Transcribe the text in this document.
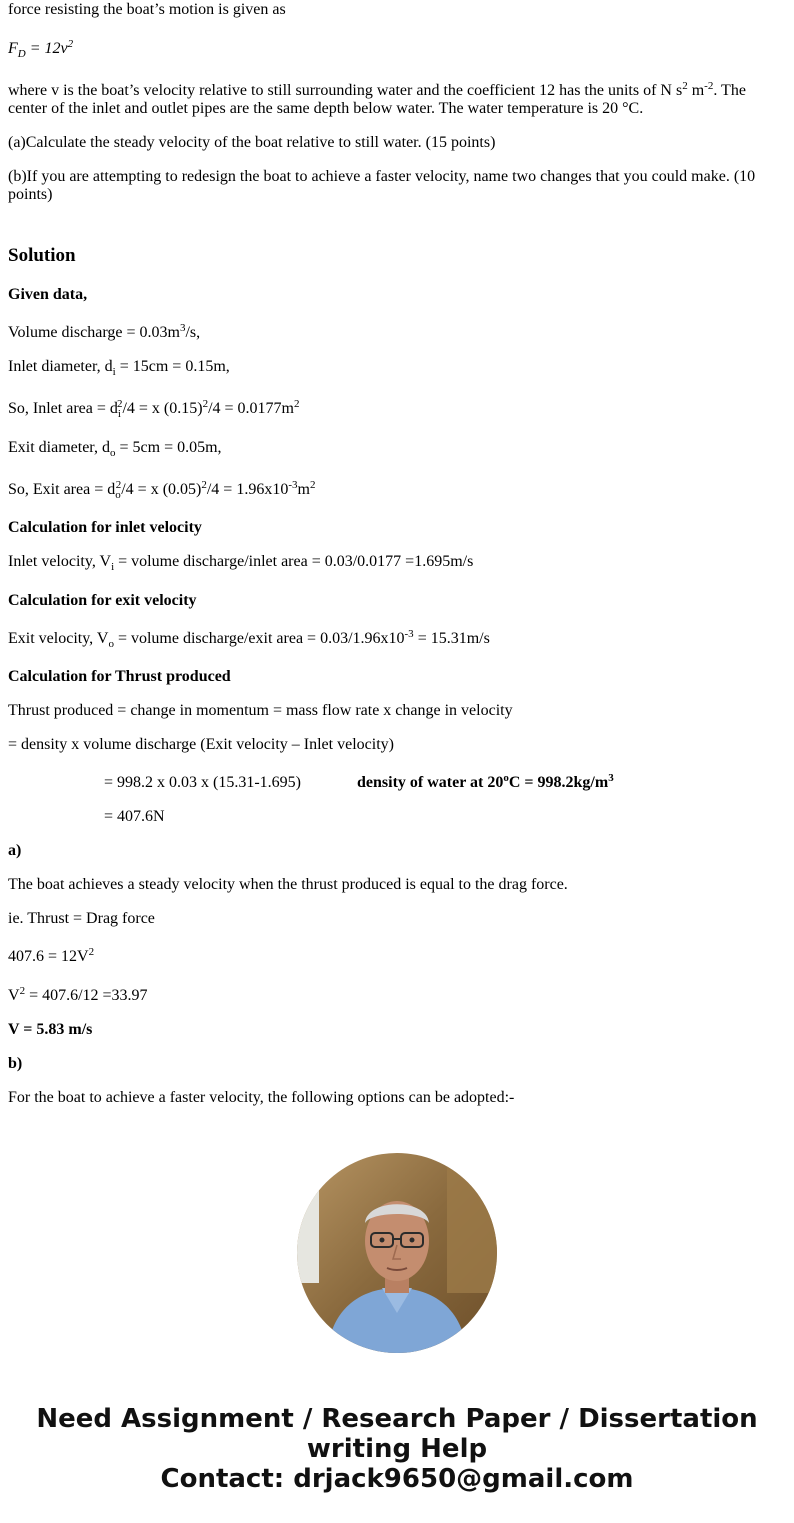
force resisting the boat’s motion is given as

$F_D = 12v^2$

where v is the boat’s velocity relative to still surrounding water and the coefficient 12 has the units of N $s^2$ $m^{-2}$. The center of the inlet and outlet pipes are the same depth below water. The water temperature is 20 °C.

(a)Calculate the steady velocity of the boat relative to still water. (15 points)

(b)If you are attempting to redesign the boat to achieve a faster velocity, name two changes that you could make. (10 points)

Solution

Given data,

Volume discharge = $0.03m^3/s$,

Inlet diameter, $d_i = 15cm = 0.15m$,

So, Inlet area = $d_i^2/4 = x$ $(0.15)^2/4 = 0.0177m^2$

Exit diameter, $d_o = 5cm = 0.05m$,

So, Exit area = $d_o^2/4 = x$ $(0.05)^2/4 = 1.96x10^{-3}m^2$

Calculation for inlet velocity

Inlet velocity, $V_i$ = volume discharge/inlet area = 0.03/0.0177 =1.695m/s

Calculation for exit velocity

Exit velocity, $V_o$ = volume discharge/exit area = $0.03/1.96x10^{-3} = 15.31m/s$

Calculation for Thrust produced

Thrust produced = change in momentum = mass flow rate x change in velocity

= density x volume discharge (Exit velocity – Inlet velocity)

= 998.2 x 0.03 x (15.31-1.695)	density of water at $20^oC = 998.2kg/m^3$

= 407.6N

a)

The boat achieves a steady velocity when the thrust produced is equal to the drag force.

ie. Thrust = Drag force

$407.6 = 12V^2$

$V^2 = 407.6/12 =33.97$

V = 5.83 m/s

b)

For the boat to achieve a faster velocity, the following options can be adopted:-

Need Assignment / Research Paper / Dissertation
writing Help
Contact: drjack9650@gmail.com
